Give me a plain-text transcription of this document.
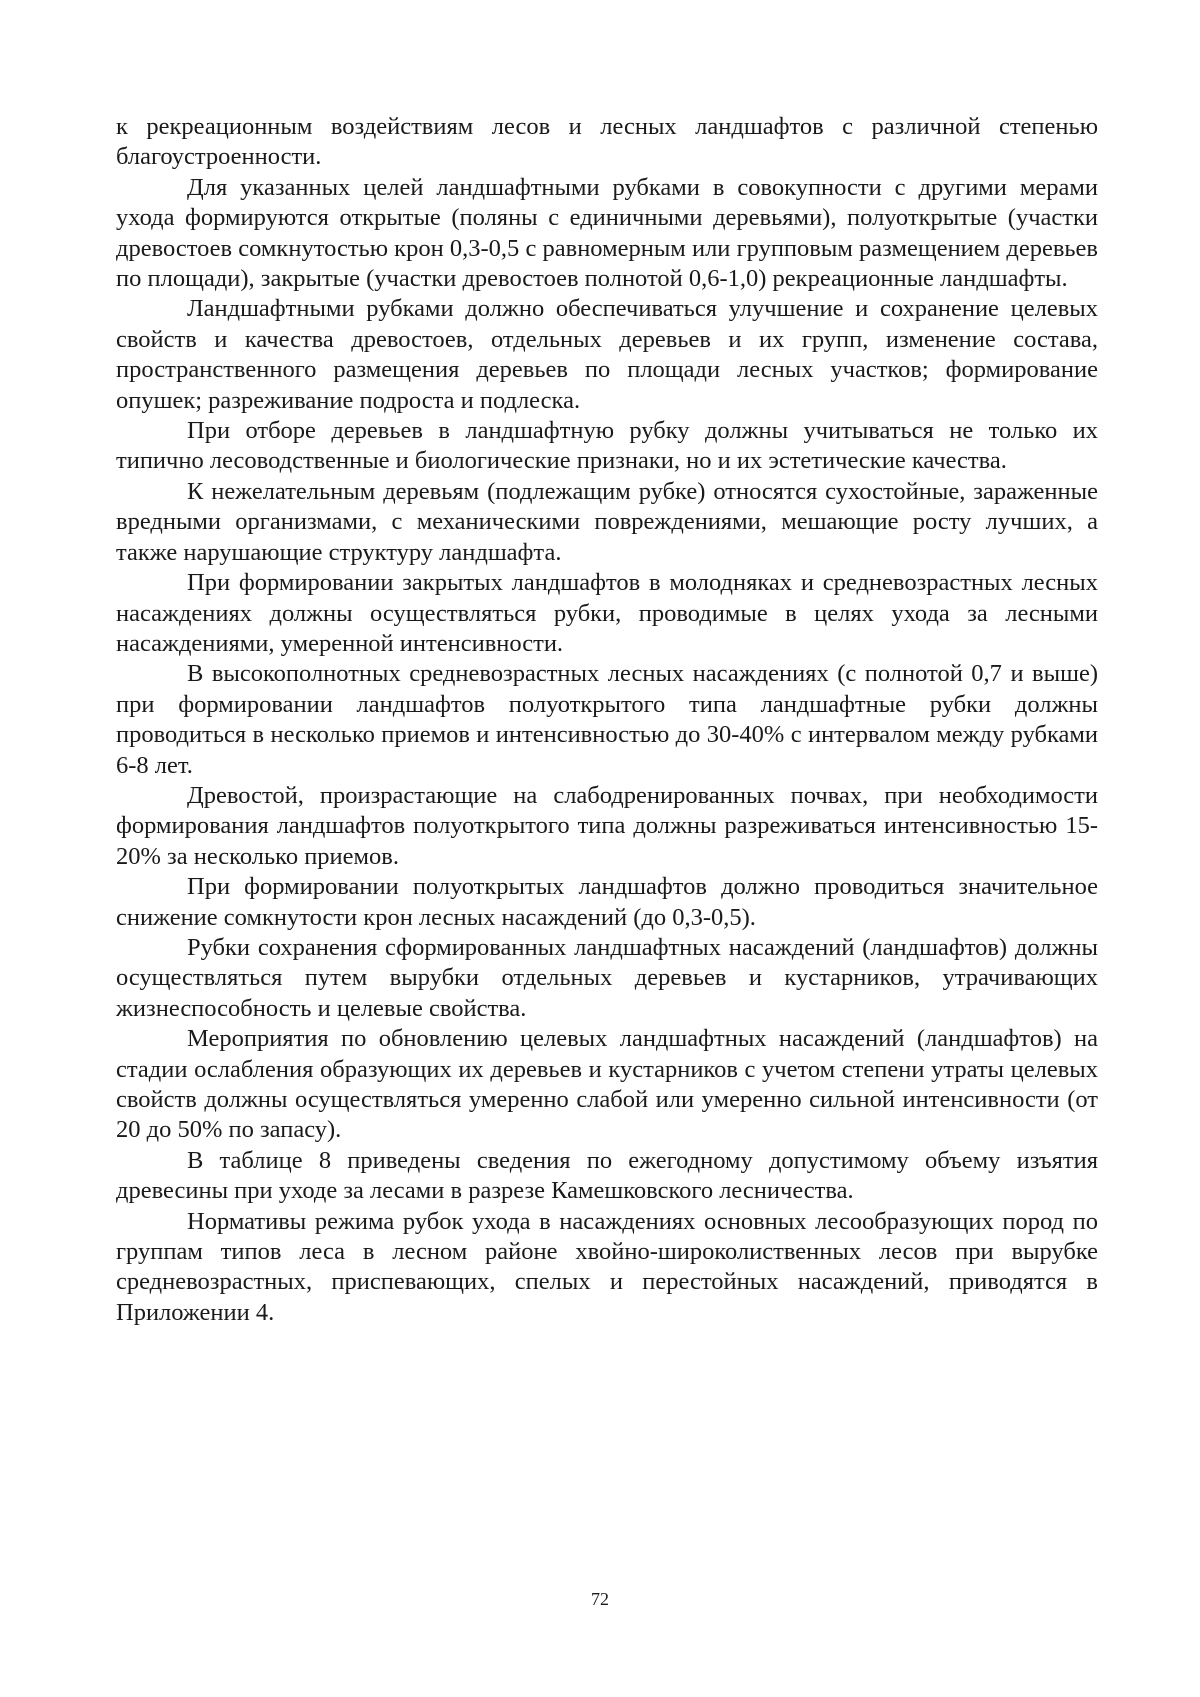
к рекреационным воздействиям лесов и лесных ландшафтов с различной степенью благоустроенности.

Для указанных целей ландшафтными рубками в совокупности с другими мерами ухода формируются открытые (поляны с единичными деревьями), полуоткрытые (участки древостоев сомкнутостью крон 0,3-0,5 с равномерным или групповым размещением деревьев по площади), закрытые (участки древостоев полнотой 0,6-1,0) рекреационные ландшафты.

Ландшафтными рубками должно обеспечиваться улучшение и сохранение целевых свойств и качества древостоев, отдельных деревьев и их групп, изменение состава, пространственного размещения деревьев по площади лесных участков; формирование опушек; разреживание подроста и подлеска.

При отборе деревьев в ландшафтную рубку должны учитываться не только их типично лесоводственные и биологические признаки, но и их эстетические качества.

К нежелательным деревьям (подлежащим рубке) относятся сухостойные, зараженные вредными организмами, с механическими повреждениями, мешающие росту лучших, а также нарушающие структуру ландшафта.

При формировании закрытых ландшафтов в молодняках и средневозрастных лесных насаждениях должны осуществляться рубки, проводимые в целях ухода за лесными насаждениями, умеренной интенсивности.

В высокополнотных средневозрастных лесных насаждениях (с полнотой 0,7 и выше) при формировании ландшафтов полуоткрытого типа ландшафтные рубки должны проводиться в несколько приемов и интенсивностью до 30-40% с интервалом между рубками 6-8 лет.

Древостой, произрастающие на слабодренированных почвах, при необходимости формирования ландшафтов полуоткрытого типа должны разреживаться интенсивностью 15-20% за несколько приемов.

При формировании полуоткрытых ландшафтов должно проводиться значительное снижение сомкнутости крон лесных насаждений (до 0,3-0,5).

Рубки сохранения сформированных ландшафтных насаждений (ландшафтов) должны осуществляться путем вырубки отдельных деревьев и кустарников, утрачивающих жизнеспособность и целевые свойства.

Мероприятия по обновлению целевых ландшафтных насаждений (ландшафтов) на стадии ослабления образующих их деревьев и кустарников с учетом степени утраты целевых свойств должны осуществляться умеренно слабой или умеренно сильной интенсивности (от 20 до 50% по запасу).

В таблице 8 приведены сведения по ежегодному допустимому объему изъятия древесины при уходе за лесами в разрезе Камешковского лесничества.

Нормативы режима рубок ухода в насаждениях основных лесообразующих пород по группам типов леса в лесном районе хвойно-широколиственных лесов при вырубке средневозрастных, приспевающих, спелых и перестойных насаждений, приводятся в Приложении 4.

72
